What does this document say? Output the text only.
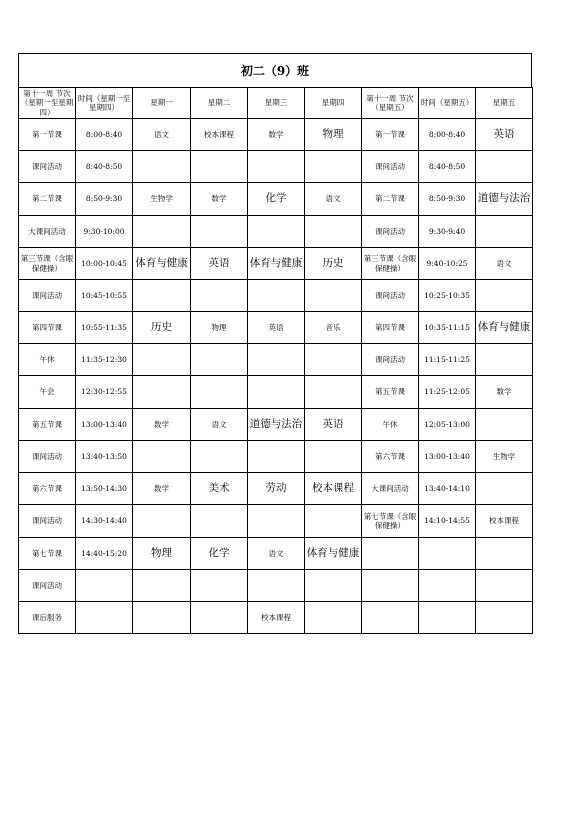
初二（9）班
第十一周 节次（星期一至星期四）	时间（星期一至星期四）	星期一	星期二	星期三	星期四	第十一周 节次（星期五）	时间（星期五）	星期五
第一节课	8:00-8:40	语文	校本课程	数学	物理	第一节课	8:00-8:40	英语
课间活动	8:40-8:50					课间活动	8:40-8:50	
第二节课	8:50-9:30	生物学	数学	化学	语文	第二节课	8:50-9:30	道德与法治
大课间活动	9:30-10:00					课间活动	9:30-9:40	
第三节课（含眼保健操）	10:00-10:45	体育与健康	英语	体育与健康	历史	第三节课（含眼保健操）	9:40-10:25	语文
课间活动	10:45-10:55					课间活动	10:25-10:35	
第四节课	10:55-11:35	历史	物理	英语	音乐	第四节课	10:35-11:15	体育与健康
午休	11:35-12:30					课间活动	11:15-11:25	
午会	12:30-12:55					第五节课	11:25-12:05	数学
第五节课	13:00-13:40	数学	语文	道德与法治	英语	午休	12:05-13:00	
课间活动	13:40-13:50					第六节课	13:00-13:40	生物学
第六节课	13:50-14:30	数学	美术	劳动	校本课程	大课间活动	13:40-14:10	
课间活动	14:30-14:40					第七节课（含眼保健操）	14:10-14:55	校本课程
第七节课	14:40-15:20	物理	化学	语文	体育与健康			
课间活动								
课后服务				校本课程				
